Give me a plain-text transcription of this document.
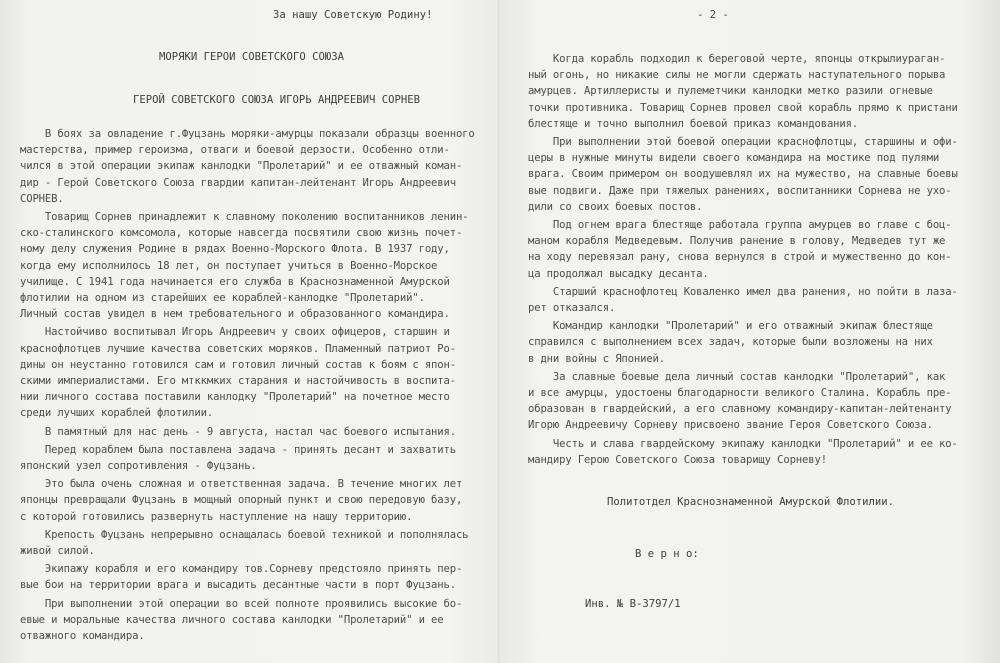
За нашу Советскую Родину!
МОРЯКИ ГЕРОИ СОВЕТСКОГО СОЮЗА
ГЕРОЙ СОВЕТСКОГО СОЮЗА ИГОРЬ АНДРЕЕВИЧ СОРНЕВ
В боях за овладение г.Фуцзань моряки-амурцы показали образцы военного
мастерства, пример героизма, отваги и боевой дерзости. Особенно отли-
чился в этой операции экипаж канлодки "Пролетарий" и ее отважный коман-
дир - Герой Советского Союза гвардии капитан-лейтенант Игорь Андреевич
СОРНЕВ.
Товарищ Сорнев принадлежит к славному поколению воспитанников ленин-
ско-сталинского комсомола, которые навсегда посвятили свою жизнь почет-
ному делу служения Родине в рядах Военно-Морского Флота. В 1937 году,
когда ему исполнилось 18 лет, он поступает учиться в Военно-Морское
училище. С 1941 года начинается его служба в Краснознаменной Амурской
флотилии на одном из старейших ее кораблей-канлодке "Пролетарий".
Личный состав увидел в нем требовательного и образованного командира.
Настойчиво воспитывал Игорь Андреевич у своих офицеров, старшин и
краснофлотцев лучшие качества советских моряков. Пламенный патриот Ро-
дины он неустанно готовился сам и готовил личный состав к боям с япон-
скими империалистами. Его мтккмких старания и настойчивость в воспита-
нии личного состава поставили канлодку "Пролетарий" на почетное место
среди лучших кораблей флотилии.
В памятный для нас день - 9 августа, настал час боевого испытания.
Перед кораблем была поставлена задача - принять десант и захватить
японский узел сопротивления - Фуцзань.
Это была очень сложная и ответственная задача. В течение многих лет
японцы превращали Фуцзань в мощный опорный пункт и свою передовую базу,
с которой готовились развернуть наступление на нашу территорию.
Крепость Фуцзань непрерывно оснащалась боевой техникой и пополнялась
живой силой.
Экипажу корабля и его командиру тов.Сорневу предстояло принять пер-
вые бои на территории врага и высадить десантные части в порт Фуцзань.
При выполнении этой операции во всей полноте проявились высокие бо-
евые и моральные качества личного состава канлодки "Пролетарий" и ее
отважного командира.
- 2 -
Когда корабль подходил к береговой черте, японцы открылиураган-
ный огонь, но никакие силы не могли сдержать наступательного порыва
амурцев. Артиллеристы и пулеметчики канлодки метко разили огневые
точки противника. Товарищ Сорнев провел свой корабль прямо к пристани
блестяще и точно выполнил боевой приказ командования.
При выполнении этой боевой операции краснофлотцы, старшины и офи-
церы в нужные минуты видели своего командира на мостике под пулями
врага. Своим примером он воодушевлял их на мужество, на славные боевы
вые подвиги. Даже при тяжелых ранениях, воспитанники Сорнева не ухо-
дили со своих боевых постов.
Под огнем врага блестяще работала группа амурцев во главе с боц-
маном корабля Медведевым. Получив ранение в голову, Медведев тут же
на ходу перевязал рану, снова вернулся в строй и мужественно до кон-
ца продолжал высадку десанта.
Старший краснофлотец Коваленко имел два ранения, но пойти в лаза-
рет отказался.
Командир канлодки "Пролетарий" и его отважный экипаж блестяще
справился с выполнением всех задач, которые были возложены на них
в дни войны с Японией.
За славные боевые дела личный состав канлодки "Пролетарий", как
и все амурцы, удостоены благодарности великого Сталина. Корабль пре-
образован в гвардейский, а его славному командиру-капитан-лейтенанту
Игорю Андреевичу Сорневу присвоено звание Героя Советского Союза.
Честь и слава гвардейскому экипажу канлодки "Пролетарий" и ее ко-
мандиру Герою Советского Союза товарищу Сорневу!
Политотдел Краснознаменной Амурской Флотилии.
В е р н о:
Инв. № В-3797/1
